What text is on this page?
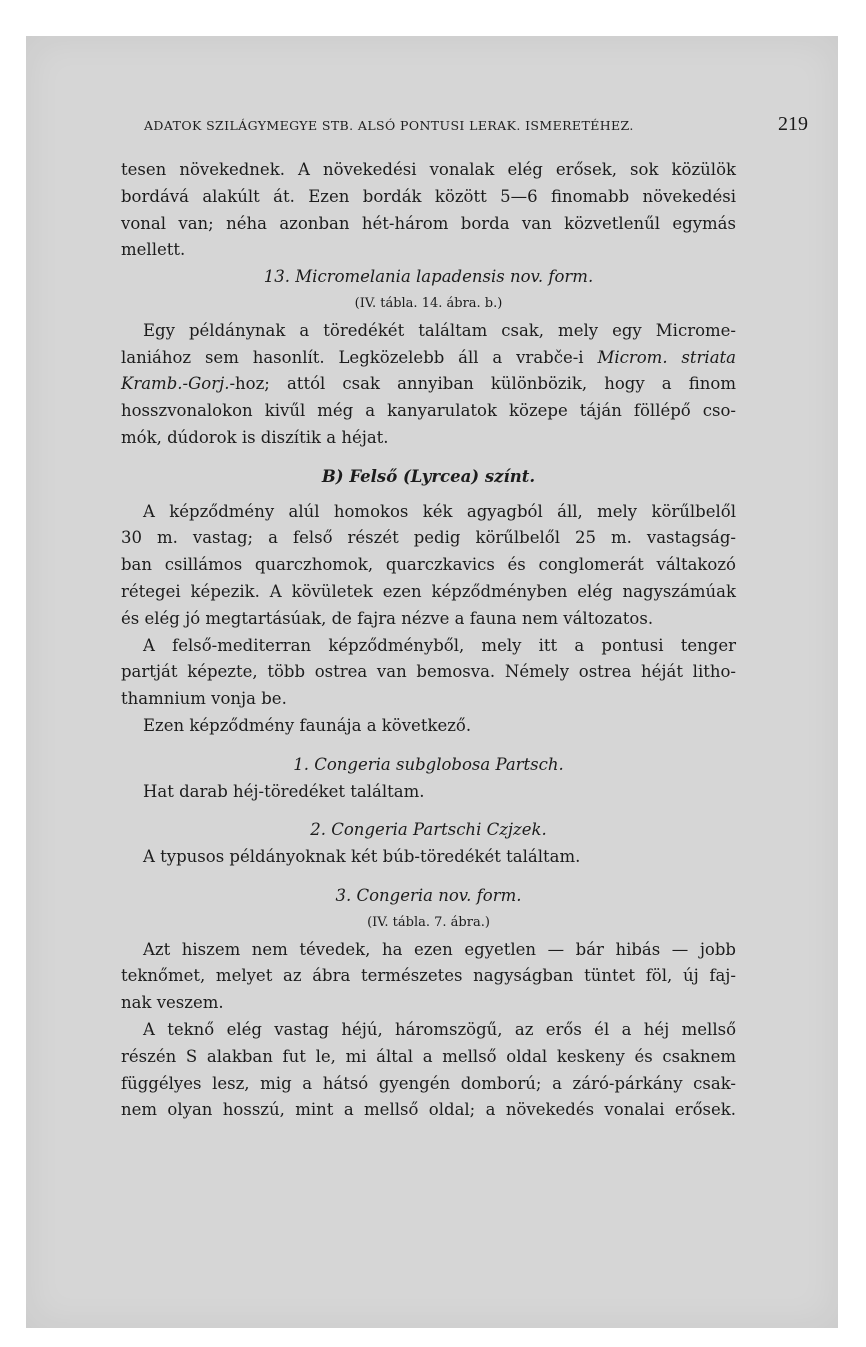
ADATOK SZILÁGYMEGYE STB. ALSÓ PONTUSI LERAK. ISMERETÉHEZ.	219
tesen növekednek. A növekedési vonalak elég erősek, sok közülök
bordává alakúlt át. Ezen bordák között 5—6 finomabb növekedési
vonal van; néha azonban hét-három borda van közvetlenűl egymás
mellett.
13. Micromelania lapadensis nov. form.
(IV. tábla. 14. ábra. b.)
Egy példánynak a töredékét találtam csak, mely egy Microme-
laniához sem hasonlít. Legközelebb áll a vrabče-i Microm. striata
Kramb.-Gorj.-hoz; attól csak annyiban különbözik, hogy a finom
hosszvonalokon kivűl még a kanyarulatok közepe táján föllépő cso-
mók, dúdorok is diszítik a héjat.
B) Felső (Lyrcea) színt.
A képződmény alúl homokos kék agyagból áll, mely körűlbelől
30 m. vastag; a felső részét pedig körűlbelől 25 m. vastagság-
ban csillámos quarczhomok, quarczkavics és conglomerát váltakozó
rétegei képezik. A kövületek ezen képződményben elég nagyszámúak
és elég jó megtartásúak, de fajra nézve a fauna nem változatos.
A felső-mediterran képződményből, mely itt a pontusi tenger
partját képezte, több ostrea van bemosva. Némely ostrea héját litho-
thamnium vonja be.
Ezen képződmény faunája a következő.
1. Congeria subglobosa Partsch.
Hat darab héj-töredéket találtam.
2. Congeria Partschi Czjzek.
A typusos példányoknak két búb-töredékét találtam.
3. Congeria nov. form.
(IV. tábla. 7. ábra.)
Azt hiszem nem tévedek, ha ezen egyetlen — bár hibás — jobb
teknőmet, melyet az ábra természetes nagyságban tüntet föl, új faj-
nak veszem.
A teknő elég vastag héjú, háromszögű, az erős él a héj mellső
részén S alakban fut le, mi által a mellső oldal keskeny és csaknem
függélyes lesz, mig a hátsó gyengén domború; a záró-párkány csak-
nem olyan hosszú, mint a mellső oldal; a növekedés vonalai erősek.
